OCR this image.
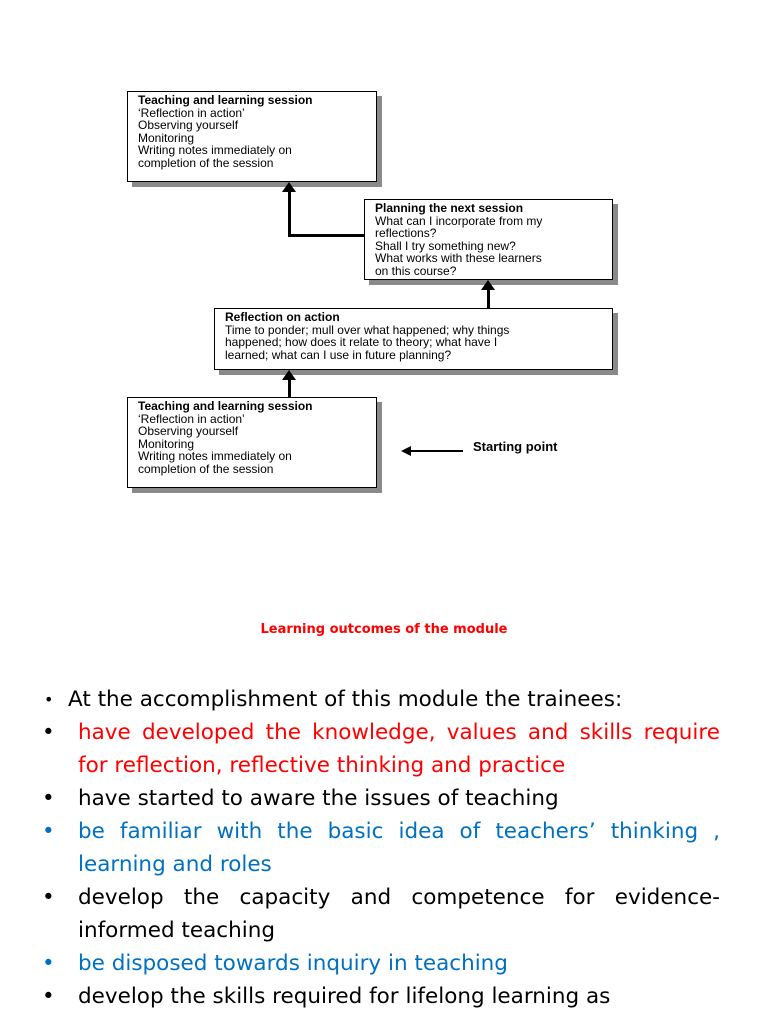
Teaching and learning session
‘Reflection in action’
Observing yourself
Monitoring
Writing notes immediately on
completion of the session
Planning the next session
What can I incorporate from my
reflections?
Shall I try something new?
What works with these learners
on this course?
Reflection on action
Time to ponder; mull over what happened; why things
happened; how does it relate to theory; what have I
learned; what can I use in future planning?
Teaching and learning session
‘Reflection in action’
Observing yourself
Monitoring
Writing notes immediately on
completion of the session
Starting point
Learning outcomes of the module
• At the accomplishment of this module the trainees:
• have developed the knowledge, values and skills require for reflection, reflective thinking and practice
• have started to aware the issues of teaching
• be familiar with the basic idea of teachers’ thinking , learning and roles
• develop the capacity and competence for evidence-informed teaching
• be disposed towards inquiry in teaching
• develop the skills required for lifelong learning as
